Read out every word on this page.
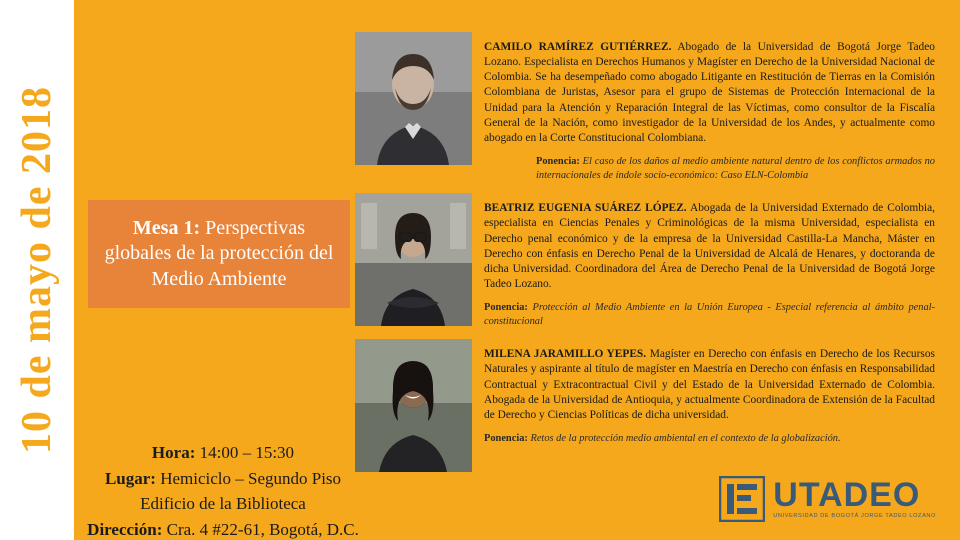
10 de mayo de 2018	Mesa 1: Perspectivas globales de la protección del Medio Ambiente
Hora: 14:00 – 15:30
Lugar: Hemiciclo – Segundo Piso
Edificio de la Biblioteca
Dirección: Cra. 4 #22-61, Bogotá, D.C.
CAMILO RAMÍREZ GUTIÉRREZ. Abogado de la Universidad de Bogotá Jorge Tadeo Lozano. Especialista en Derechos Humanos y Magíster en Derecho de la Universidad Nacional de Colombia. Se ha desempeñado como abogado Litigante en Restitución de Tierras en la Comisión Colombiana de Juristas, Asesor para el grupo de Sistemas de Protección Internacional de la Unidad para la Atención y Reparación Integral de las Víctimas, como consultor de la Fiscalía General de la Nación, como investigador de la Universidad de los Andes, y actualmente como abogado en la Corte Constitucional Colombiana.
Ponencia: El caso de los daños al medio ambiente natural dentro de los conflictos armados no internacionales de índole socio-económico: Caso ELN-Colombia
BEATRIZ EUGENIA SUÁREZ LÓPEZ. Abogada de la Universidad Externado de Colombia, especialista en Ciencias Penales y Criminológicas de la misma Universidad, especialista en Derecho penal económico y de la empresa de la Universidad Castilla-La Mancha, Máster en Derecho con énfasis en Derecho Penal de la Universidad de Alcalá de Henares, y doctoranda de dicha Universidad. Coordinadora del Área de Derecho Penal de la Universidad de Bogotá Jorge Tadeo Lozano.
Ponencia: Protección al Medio Ambiente en la Unión Europea - Especial referencia al ámbito penal-constitucional
MILENA JARAMILLO YEPES. Magíster en Derecho con énfasis en Derecho de los Recursos Naturales y aspirante al título de magíster en Maestría en Derecho con énfasis en Responsabilidad Contractual y Extracontractual Civil y del Estado de la Universidad Externado de Colombia. Abogada de la Universidad de Antioquia, y actualmente Coordinadora de Extensión de la Facultad de Derecho y Ciencias Políticas de dicha universidad.
Ponencia: Retos de la protección medio ambiental en el contexto de la globalización.
UTADEO
UNIVERSIDAD DE BOGOTÁ JORGE TADEO LOZANO
